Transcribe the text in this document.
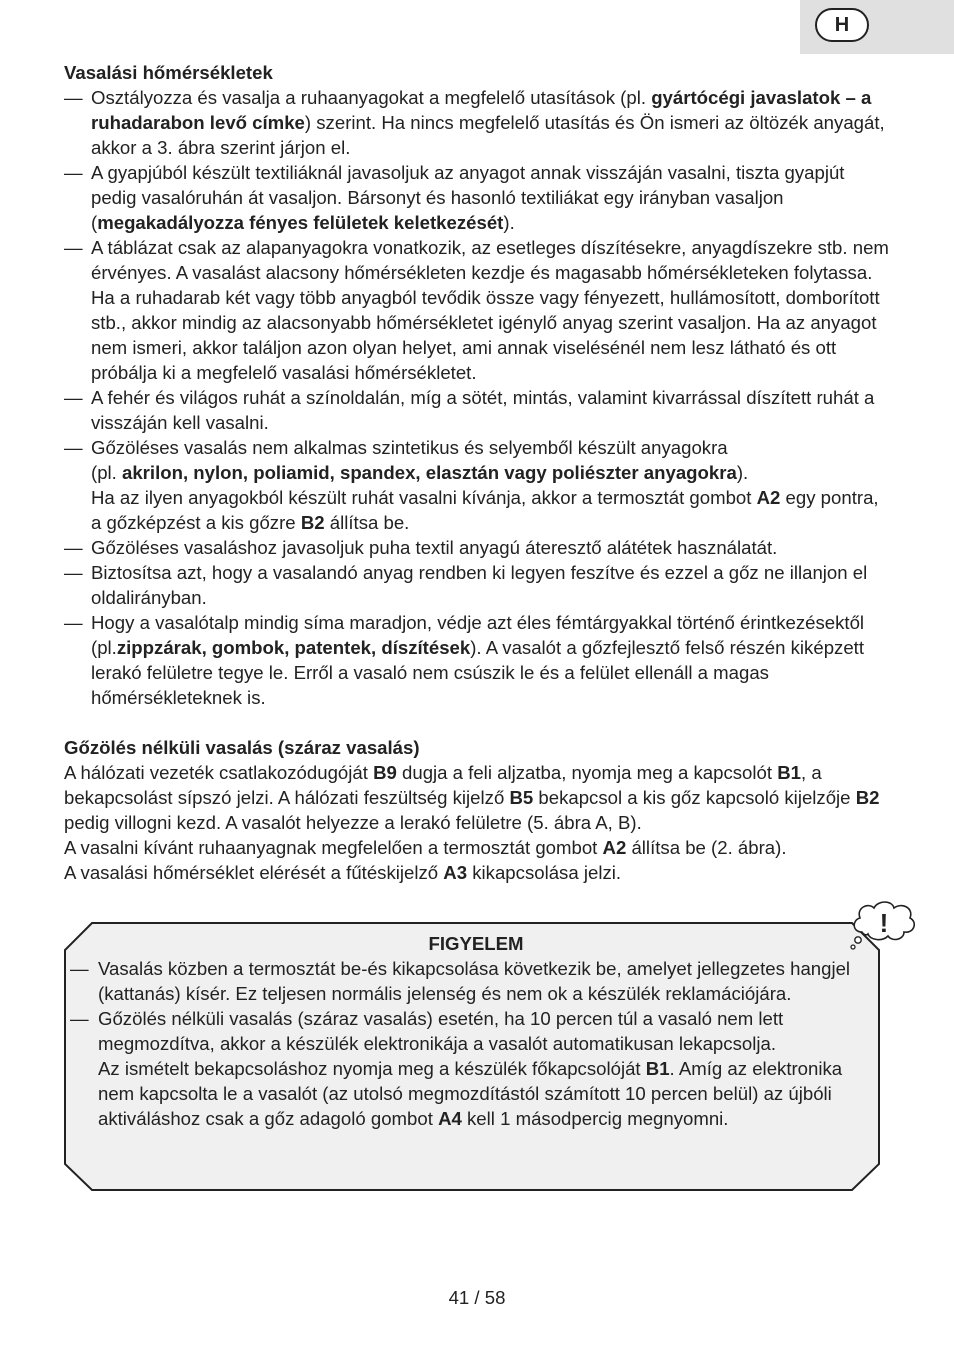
H
Vasalási hőmérsékletek
— Osztályozza és vasalja a ruhaanyagokat a megfelelő utasítások (pl. gyártócégi javaslatok – a ruhadarabon levő címke) szerint. Ha nincs megfelelő utasítás és Ön ismeri az öltözék anyagát, akkor a 3. ábra szerint járjon el.

— A gyapjúból készült textiliáknál javasoljuk az anyagot annak visszáján vasalni, tiszta gyapjút pedig vasalóruhán át vasaljon. Bársonyt és hasonló textiliákat egy irányban vasaljon (megakadályozza fényes felületek keletkezését).

— A táblázat csak az alapanyagokra vonatkozik, az esetleges díszítésekre, anyagdíszekre stb. nem érvényes. A vasalást alacsony hőmérsékleten kezdje és magasabb hőmérsékleteken folytassa. Ha a ruhadarab két vagy több anyagból tevődik össze vagy fényezett, hullámosított, domborított stb., akkor mindig az alacsonyabb hőmérsékletet igénylő anyag szerint vasaljon. Ha az anyagot nem ismeri, akkor találjon azon olyan helyet, ami annak viselésénél nem lesz látható és ott próbálja ki a megfelelő vasalási hőmérsékletet.

— A fehér és világos ruhát a színoldalán, míg a sötét, mintás, valamint kivarrással díszített ruhát a visszáján kell vasalni.

— Gőzöléses vasalás nem alkalmas szintetikus és selyemből készült anyagokra

(pl. akrilon, nylon, poliamid, spandex, elasztán vagy poliészter anyagokra).

Ha az ilyen anyagokból készült ruhát vasalni kívánja, akkor a termosztát gombot A2 egy pontra, a gőzképzést a kis gőzre B2 állítsa be.

— Gőzöléses vasaláshoz javasoljuk puha textil anyagú áteresztő alátétek használatát.

— Biztosítsa azt, hogy a vasalandó anyag rendben ki legyen feszítve és ezzel a gőz ne illanjon el oldalirányban.

— Hogy a vasalótalp mindig síma maradjon, védje azt éles fémtárgyakkal történő érintkezésektől (pl.zippzárak, gombok, patentek, díszítések). A vasalót a gőzfejlesztő felső részén kiképzett lerakó felületre tegye le. Erről a vasaló nem csúszik le és a felület ellenáll a magas hőmérsékleteknek is.

Gőzölés nélküli vasalás (száraz vasalás)

A hálózati vezeték csatlakozódugóját B9 dugja a feli aljzatba, nyomja meg a kapcsolót B1, a bekapcsolást sípszó jelzi. A hálózati feszültség kijelző B5 bekapcsol a kis gőz kapcsoló kijelzője B2 pedig villogni kezd. A vasalót helyezze a lerakó felületre (5. ábra A, B).

A vasalni kívánt ruhaanyagnak megfelelően a termosztát gombot A2 állítsa be (2. ábra).

A vasalási hőmérséklet elérését a fűtéskijelző A3 kikapcsolása jelzi.

FIGYELEM

— Vasalás közben a termosztát be-és kikapcsolása következik be, amelyet jellegzetes hangjel (kattanás) kísér. Ez teljesen normális jelenség és nem ok a készülék reklamációjára.

— Gőzölés nélküli vasalás (száraz vasalás) esetén, ha 10 percen túl a vasaló nem lett megmozdítva, akkor a készülék elektronikája a vasalót automatikusan lekapcsolja.

Az ismételt bekapcsoláshoz nyomja meg a készülék főkapcsolóját B1. Amíg az elektronika nem kapcsolta le a vasalót (az utolsó megmozdítástól számított 10 percen belül) az újbóli aktiváláshoz csak a gőz adagoló gombot A4 kell 1 másodpercig megnyomni.

!
41 / 58
